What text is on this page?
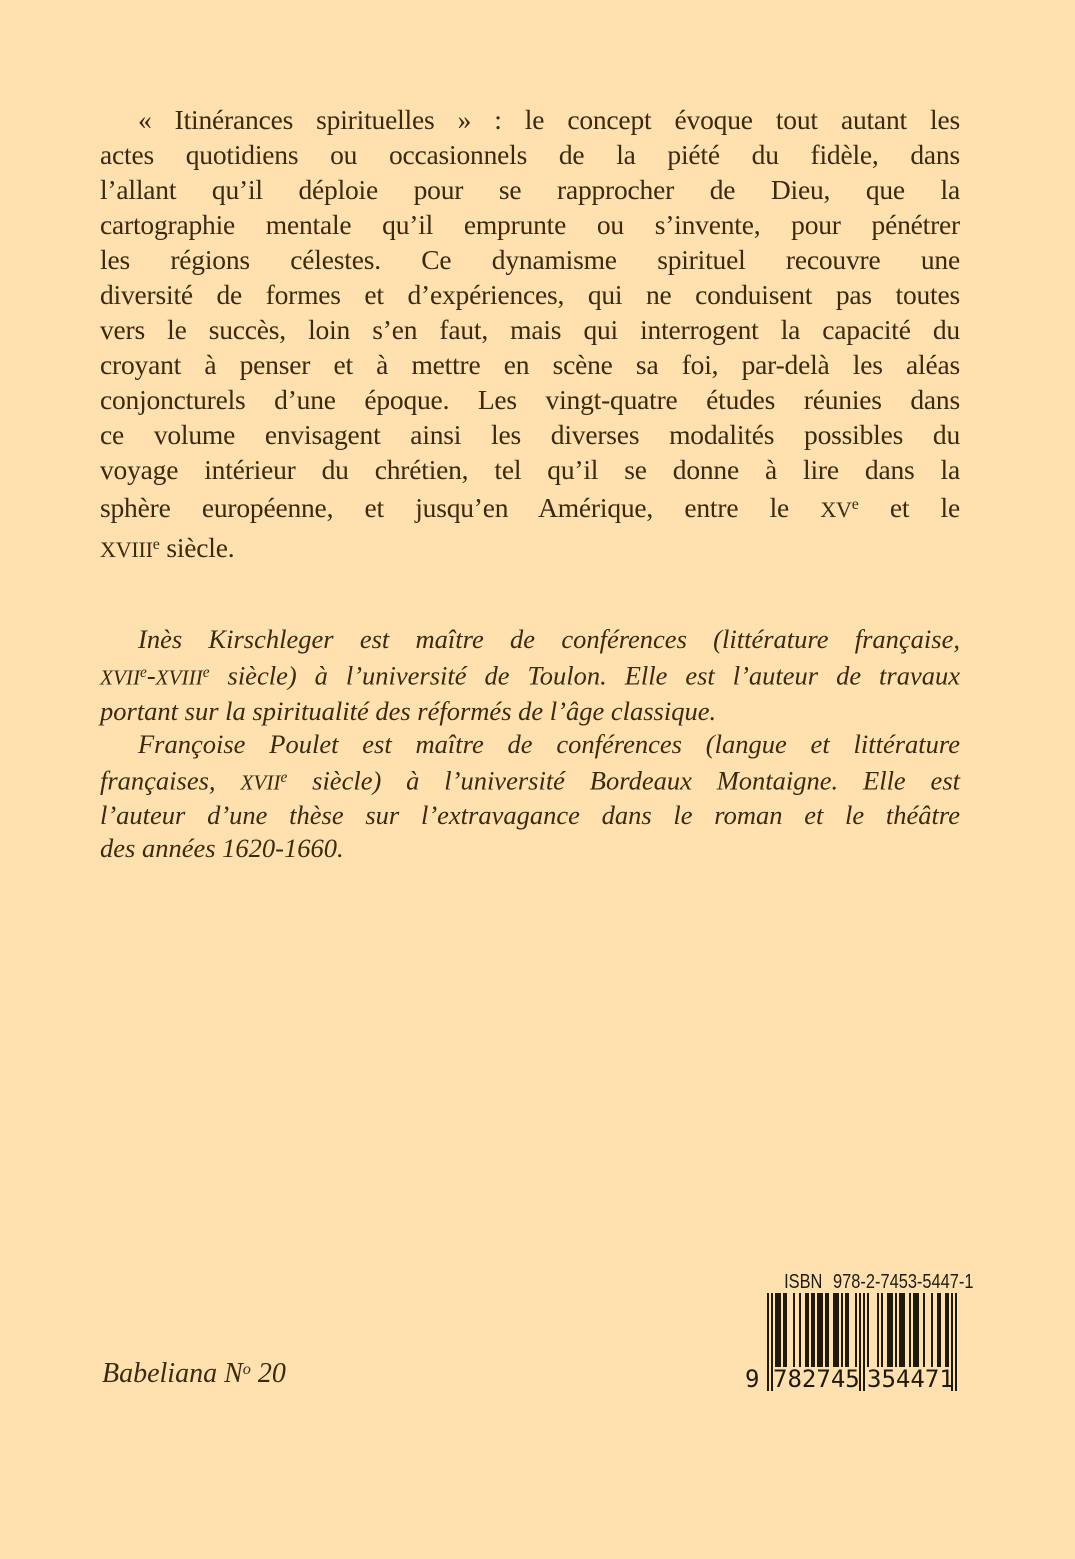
« Itinérances spirituelles » : le concept évoque tout autant les
actes quotidiens ou occasionnels de la piété du fidèle, dans
l’allant qu’il déploie pour se rapprocher de Dieu, que la
cartographie mentale qu’il emprunte ou s’invente, pour pénétrer
les régions célestes. Ce dynamisme spirituel recouvre une
diversité de formes et d’expériences, qui ne conduisent pas toutes
vers le succès, loin s’en faut, mais qui interrogent la capacité du
croyant à penser et à mettre en scène sa foi, par-delà les aléas
conjoncturels d’une époque. Les vingt-quatre études réunies dans
ce volume envisagent ainsi les diverses modalités possibles du
voyage intérieur du chrétien, tel qu’il se donne à lire dans la
sphère européenne, et jusqu’en Amérique, entre le XVe et le
XVIIIe siècle.
Inès Kirschleger est maître de conférences (littérature française,
XVIIe-XVIIIe siècle) à l’université de Toulon. Elle est l’auteur de travaux
portant sur la spiritualité des réformés de l’âge classique.
Françoise Poulet est maître de conférences (langue et littérature
françaises, XVIIe siècle) à l’université Bordeaux Montaigne. Elle est
l’auteur d’une thèse sur l’extravagance dans le roman et le théâtre
des années 1620-1660.
Babeliana $N^o$ 20
ISBN 978-2-7453-5447-1
9 7 8 2 7 4 5 3 5 4 4 7 1
